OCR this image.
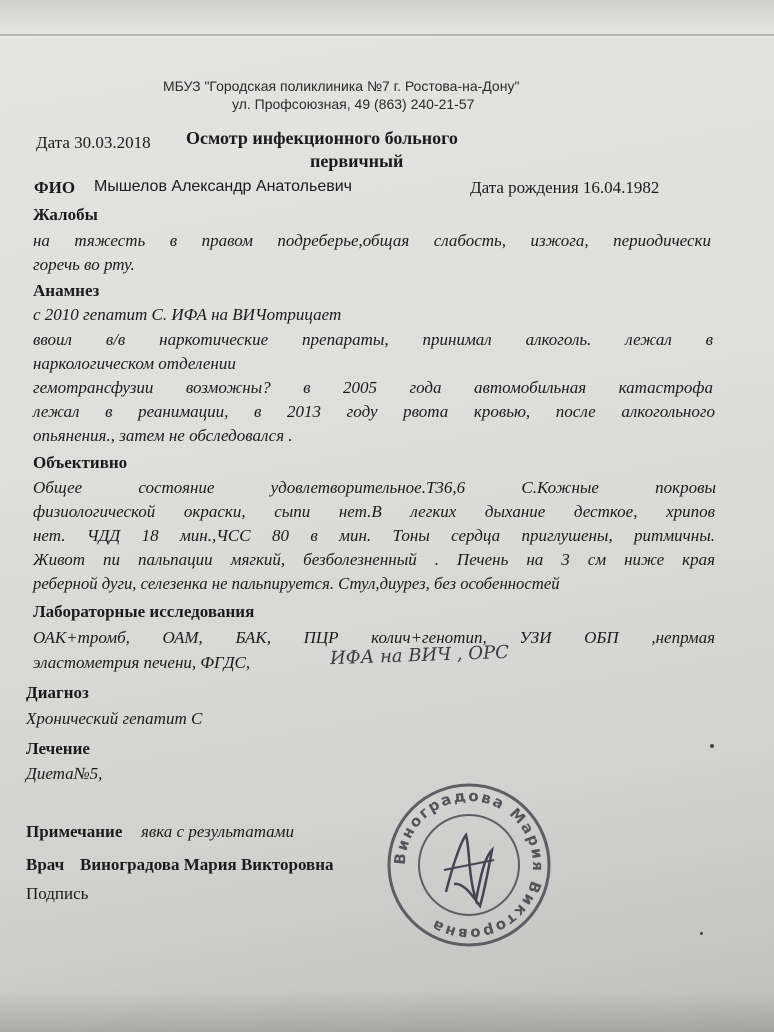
МБУЗ "Городская поликлиника №7 г. Ростова-на-Дону"
ул. Профсоюзная, 49 (863) 240-21-57
Дата 30.03.2018 Осмотр инфекционного больного
первичный
ФИО Мышелов Александр Анатольевич	Дата рождения 16.04.1982
Жалобы
на тяжесть в правом подреберье,общая слабость, изжога, периодически
горечь во рту.
Анамнез
с 2010 гепатит С. ИФА на ВИЧотрицает
ввоил в/в наркотические препараты, принимал алкоголь. лежал в
наркологическом отделении
гемотрансфузии возможны? в 2005 года автомобильная катастрофа
лежал в реанимации, в 2013 году рвота кровью, после алкогольного
опьянения., затем не обследовался .
Объективно
Общее состояние удовлетворительное.Т36,6 С.Кожные покровы
физиологической окраски, сыпи нет.В легких дыхание десткое, хрипов
нет. ЧДД 18 мин.,ЧСС 80 в мин. Тоны сердца приглушены, ритмичны.
Живот пи пальпации мягкий, безболезненный . Печень на 3 см ниже края
реберной дуги, селезенка не пальпируется. Стул,диурез, без особенностей
Лабораторные исследования
ОАК+тромб, ОАМ, БАК, ПЦР колич+генотип, УЗИ ОБП ,непрмая
эластометрия печени, ФГДС,	ИФА на ВИЧ , ОРС
Диагноз
Хронический гепатит С
Лечение
Диета№5,
Примечание явка с результатами
Врач Виноградова Мария Викторовна
Подпись
Виноградова Мария Викторовна
